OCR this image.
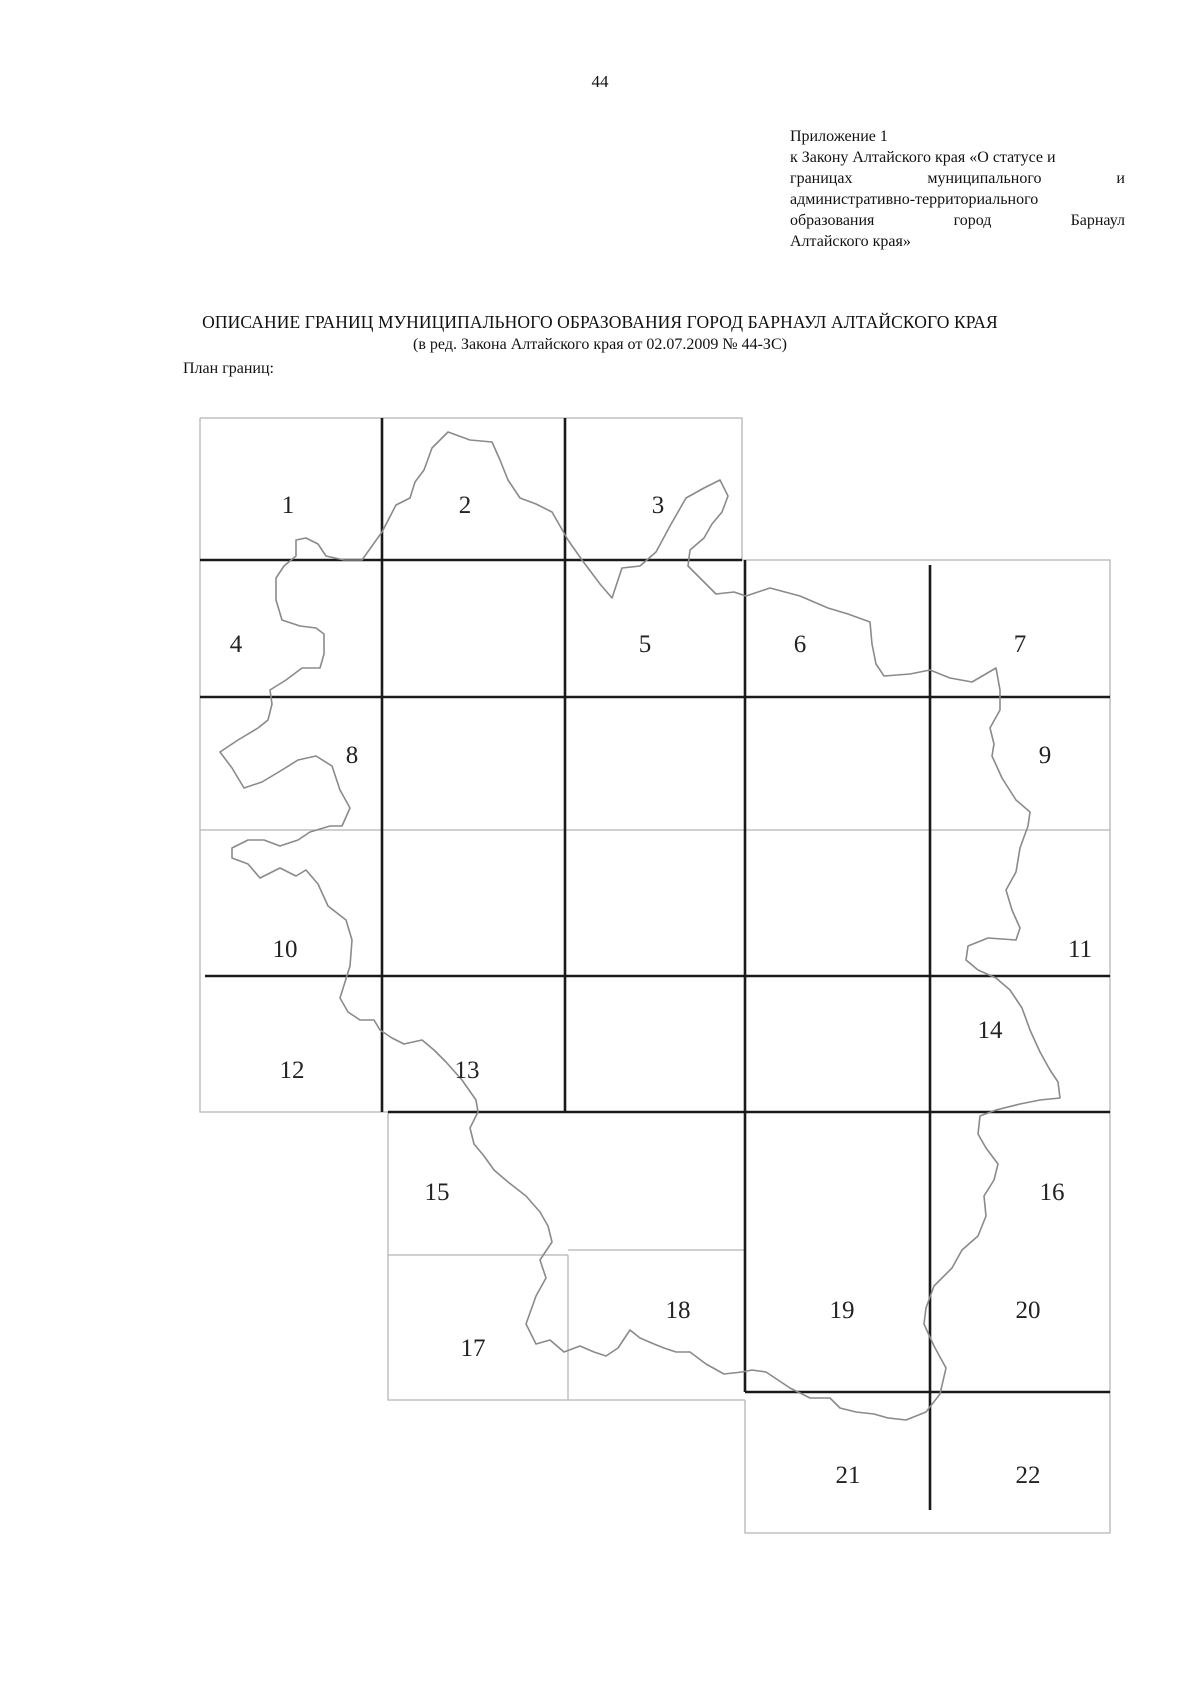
44
Приложение 1
к Закону Алтайского края «О статусе и
границах	муниципального	и
административно-территориального
образования	город	Барнаул
Алтайского края»
ОПИСАНИЕ ГРАНИЦ МУНИЦИПАЛЬНОГО ОБРАЗОВАНИЯ ГОРОД БАРНАУЛ АЛТАЙСКОГО КРАЯ
(в ред. Закона Алтайского края от 02.07.2009 № 44-ЗС)
План границ:
1	2	3
4	5	6	7
8	9
10	11
12	13
14
15	16
17
18	19	20
21	22
